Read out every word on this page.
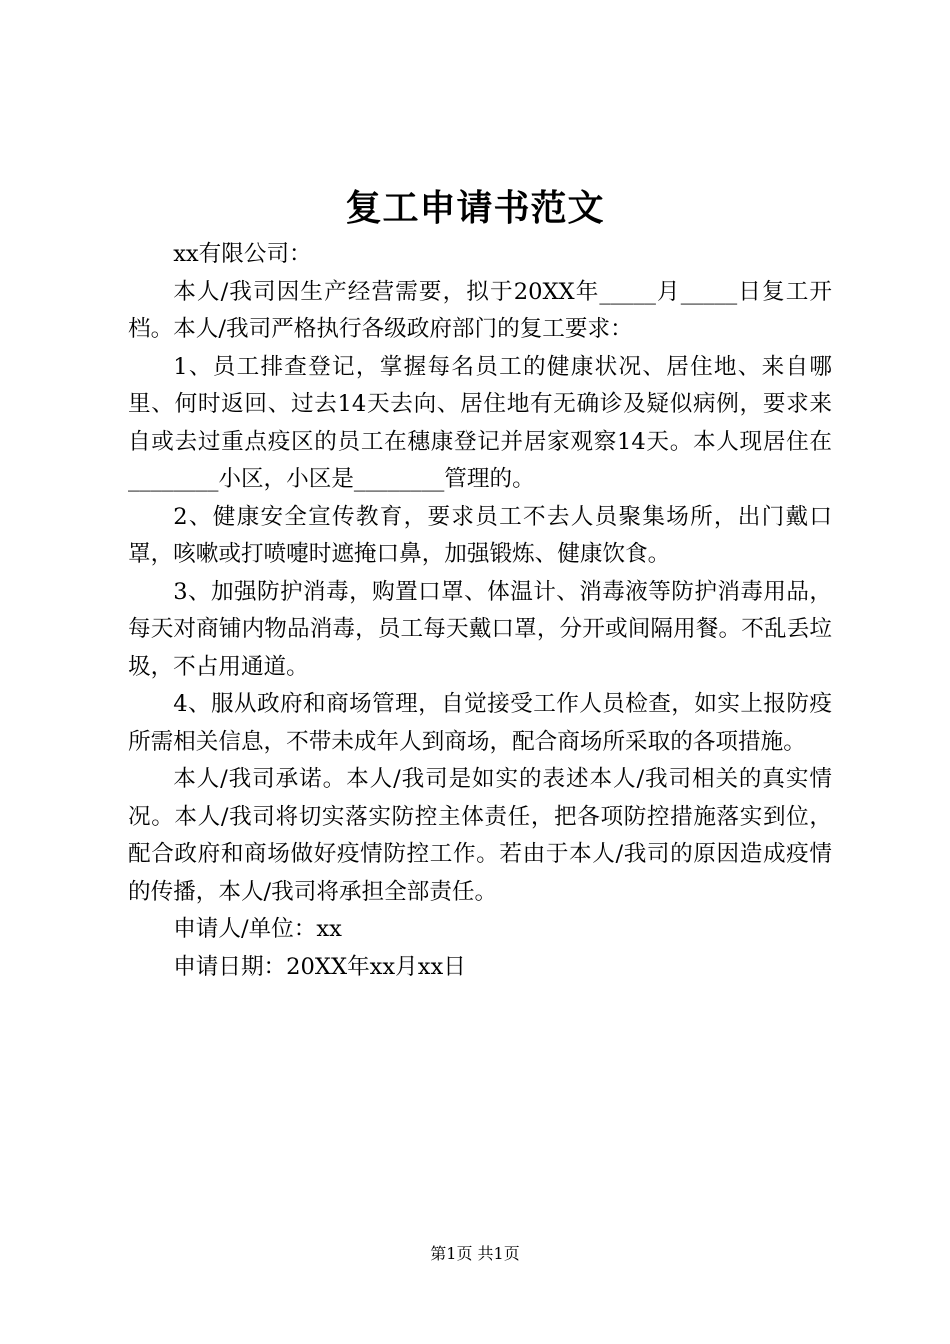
复工申请书范文

xx有限公司：

本人/我司因生产经营需要，拟于20XX年_____月_____日复工开档。本人/我司严格执行各级政府部门的复工要求：

1、员工排查登记，掌握每名员工的健康状况、居住地、来自哪里、何时返回、过去14天去向、居住地有无确诊及疑似病例，要求来自或去过重点疫区的员工在穗康登记并居家观察14天。本人现居住在________小区，小区是________管理的。

2、健康安全宣传教育，要求员工不去人员聚集场所，出门戴口罩，咳嗽或打喷嚏时遮掩口鼻，加强锻炼、健康饮食。

3、加强防护消毒，购置口罩、体温计、消毒液等防护消毒用品，每天对商铺内物品消毒，员工每天戴口罩，分开或间隔用餐。不乱丢垃圾，不占用通道。

4、服从政府和商场管理，自觉接受工作人员检查，如实上报防疫所需相关信息，不带未成年人到商场，配合商场所采取的各项措施。

本人/我司承诺。本人/我司是如实的表述本人/我司相关的真实情况。本人/我司将切实落实防控主体责任，把各项防控措施落实到位，配合政府和商场做好疫情防控工作。若由于本人/我司的原因造成疫情的传播，本人/我司将承担全部责任。

申请人/单位：xx

申请日期：20XX年xx月xx日

第1页 共1页
